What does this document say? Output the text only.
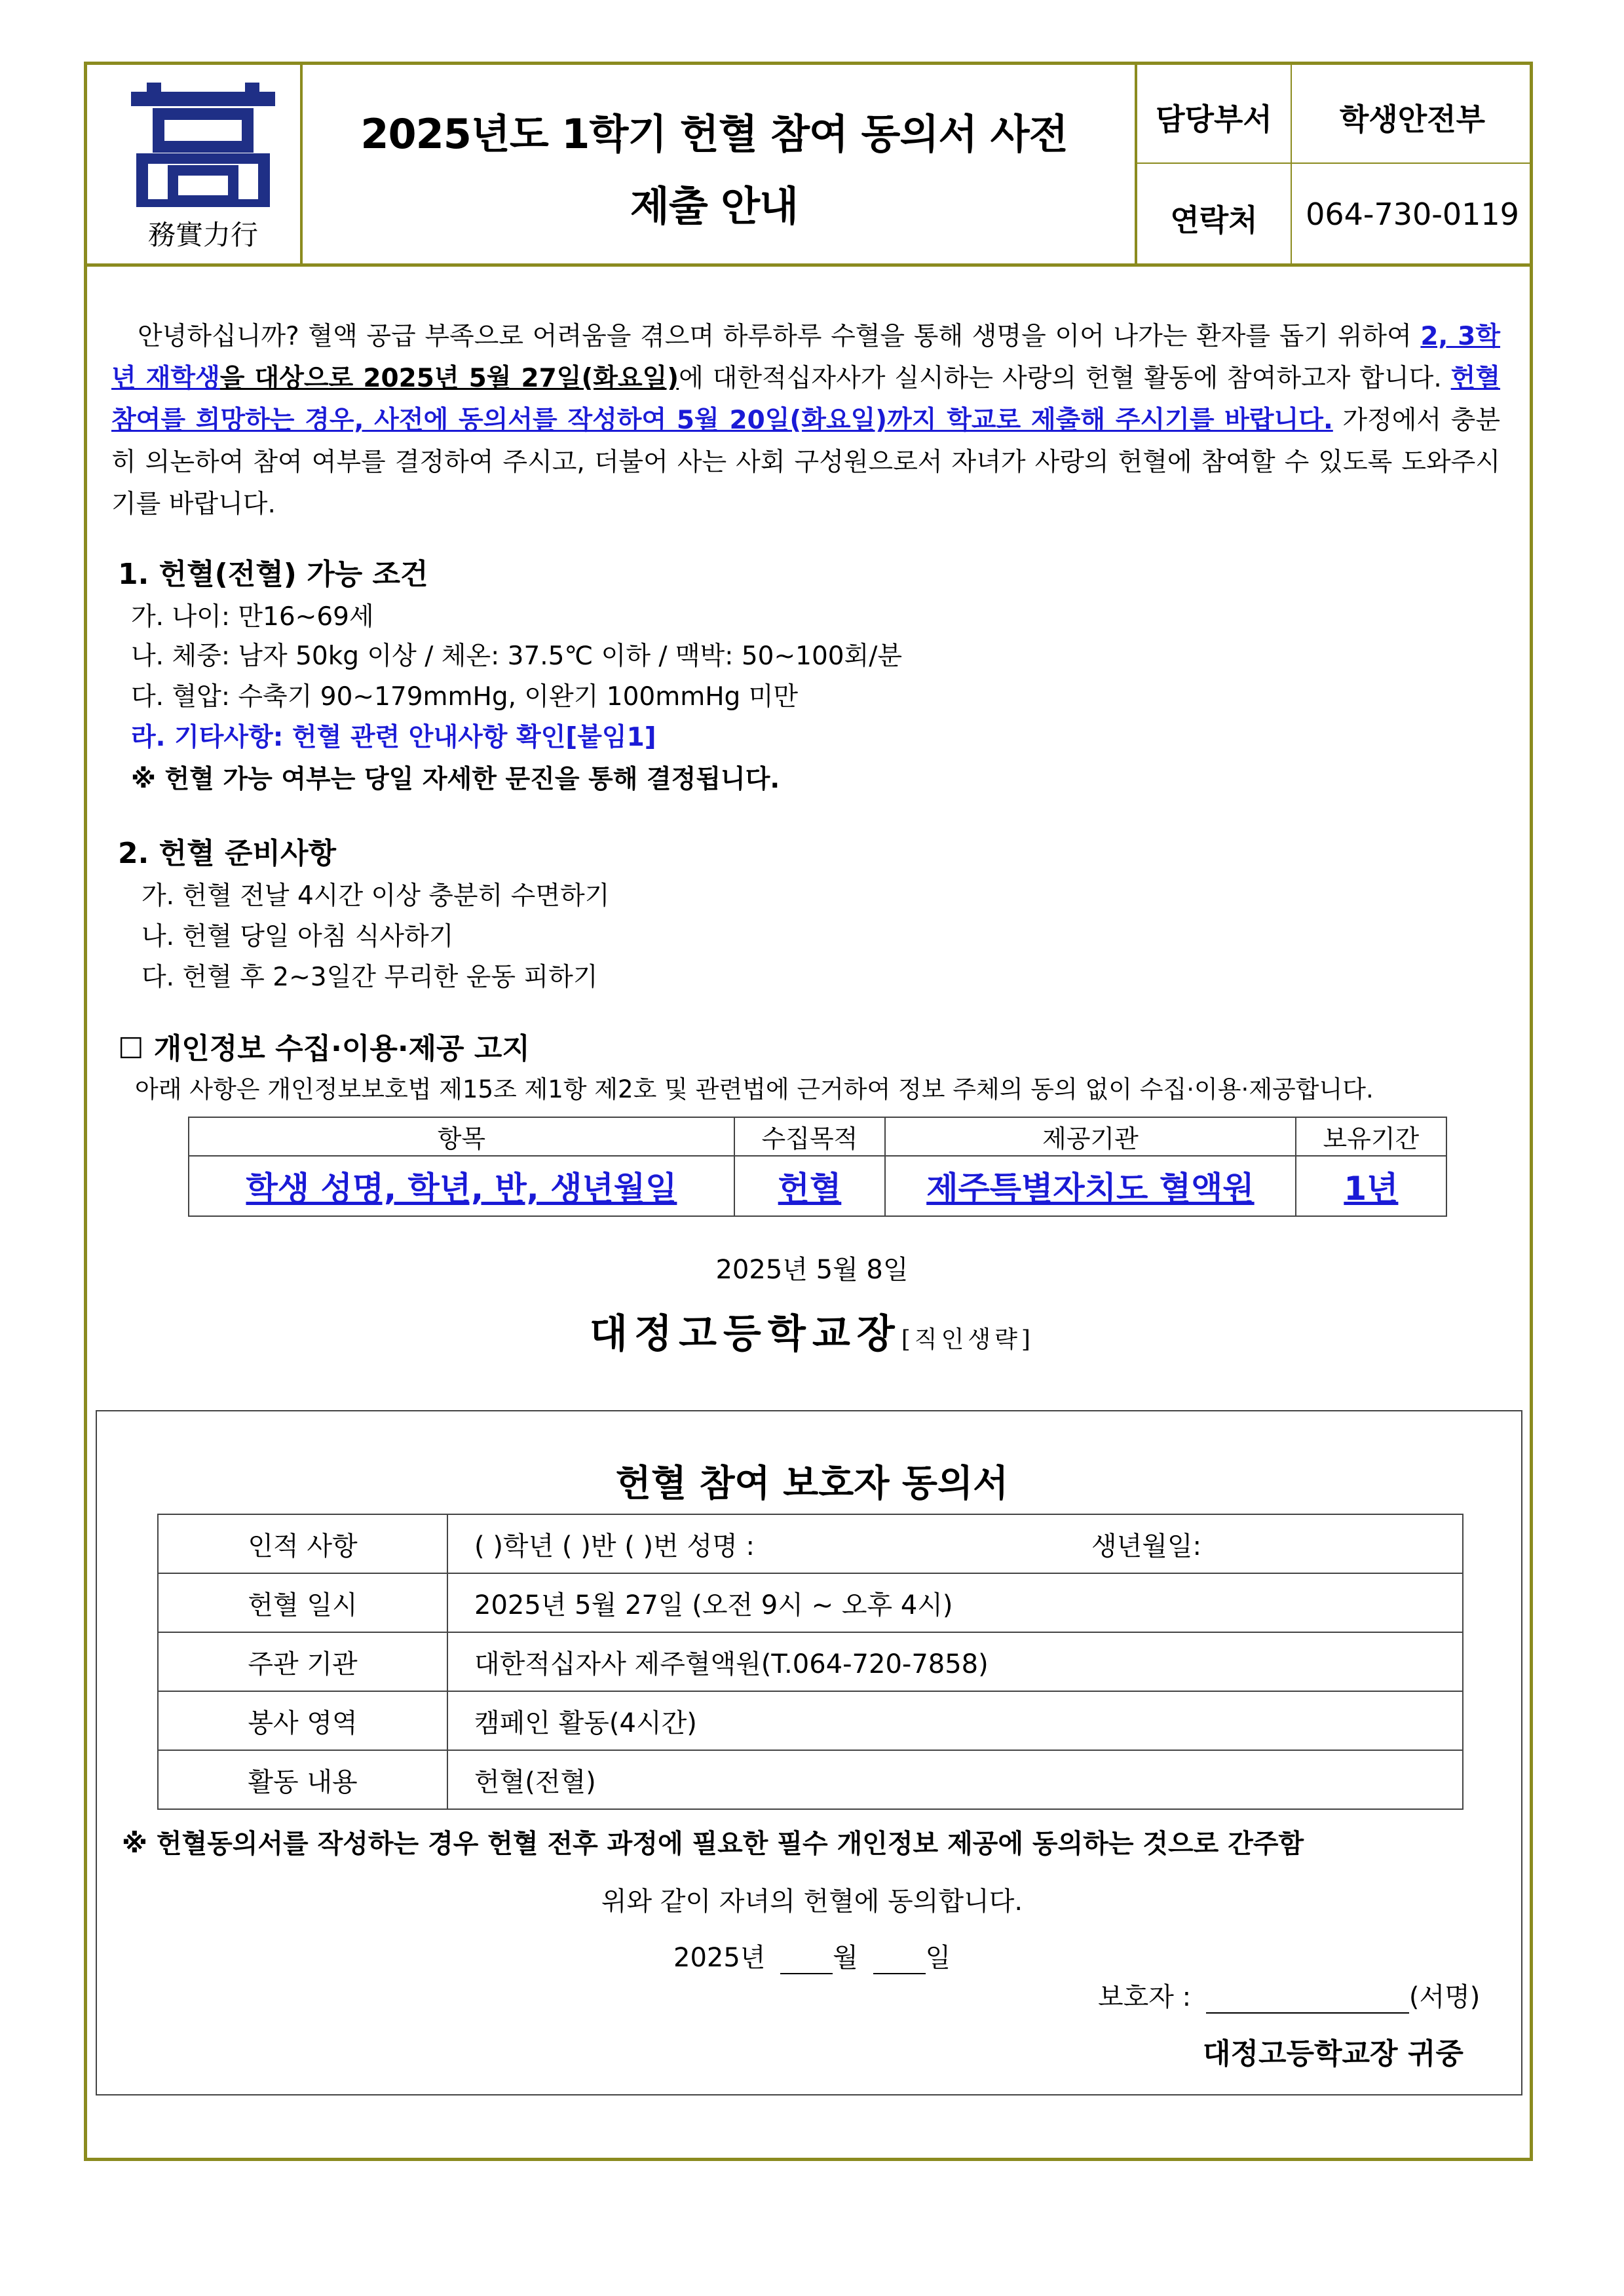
務實力行
2025년도 1학기 헌혈 참여 동의서 사전
제출 안내
담당부서	학생안전부
연락처	064-730-0119
안녕하십니까? 혈액 공급 부족으로 어려움을 겪으며 하루하루 수혈을 통해 생명을 이어 나가는 환자를 돕기 위하여 2, 3학년 재학생을 대상으로 2025년 5월 27일(화요일)에 대한적십자사가 실시하는 사랑의 헌혈 활동에 참여하고자 합니다. 헌혈 참여를 희망하는 경우, 사전에 동의서를 작성하여 5월 20일(화요일)까지 학교로 제출해 주시기를 바랍니다. 가정에서 충분히 의논하여 참여 여부를 결정하여 주시고, 더불어 사는 사회 구성원으로서 자녀가 사랑의 헌혈에 참여할 수 있도록 도와주시기를 바랍니다.
1. 헌혈(전혈) 가능 조건
가. 나이: 만16~69세
나. 체중: 남자 50kg 이상 / 체온: 37.5℃ 이하 / 맥박: 50~100회/분
다. 혈압: 수축기 90~179mmHg, 이완기 100mmHg 미만
라. 기타사항: 헌혈 관련 안내사항 확인[붙임1]
※ 헌혈 가능 여부는 당일 자세한 문진을 통해 결정됩니다.
2. 헌혈 준비사항
가. 헌혈 전날 4시간 이상 충분히 수면하기
나. 헌혈 당일 아침 식사하기
다. 헌혈 후 2~3일간 무리한 운동 피하기
☐ 개인정보 수집·이용·제공 고지
아래 사항은 개인정보보호법 제15조 제1항 제2호 및 관련법에 근거하여 정보 주체의 동의 없이 수집·이용·제공합니다.
항목	수집목적	제공기관	보유기간
학생 성명, 학년, 반, 생년월일	헌혈	제주특별자치도 혈액원	1년
2025년 5월 8일
대정고등학교장[직인생략]
헌혈 참여 보호자 동의서
인적 사항	( )학년 ( )반 ( )번 성명 : 생년월일:

헌혈 일시	2025년 5월 27일 (오전 9시 ~ 오후 4시)
주관 기관	대한적십자사 제주혈액원(T.064-720-7858)
봉사 영역	캠페인 활동(4시간)
활동 내용	헌혈(전혈)
※ 헌혈동의서를 작성하는 경우 헌혈 전후 과정에 필요한 필수 개인정보 제공에 동의하는 것으로 간주함
위와 같이 자녀의 헌혈에 동의합니다.
2025년	월	일
보호자 :	(서명)
대정고등학교장 귀중
